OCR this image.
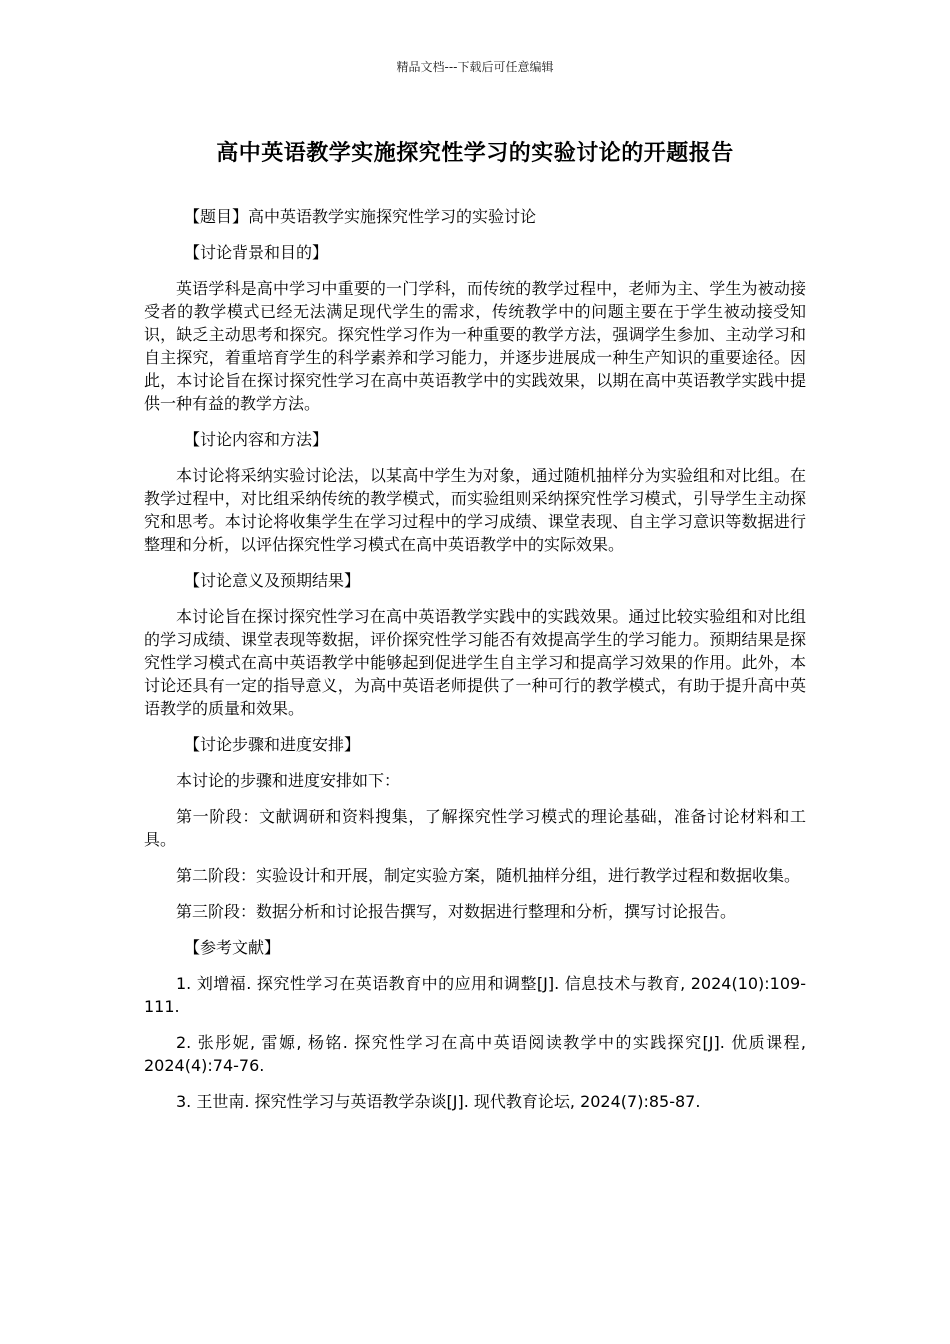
精品文档---下载后可任意编辑
高中英语教学实施探究性学习的实验讨论的开题报告
【题目】高中英语教学实施探究性学习的实验讨论
【讨论背景和目的】

英语学科是高中学习中重要的一门学科，而传统的教学过程中，老师为主、学生为被动接受者的教学模式已经无法满足现代学生的需求，传统教学中的问题主要在于学生被动接受知识，缺乏主动思考和探究。探究性学习作为一种重要的教学方法，强调学生参加、主动学习和自主探究，着重培育学生的科学素养和学习能力，并逐步进展成一种生产知识的重要途径。因此，本讨论旨在探讨探究性学习在高中英语教学中的实践效果，以期在高中英语教学实践中提供一种有益的教学方法。

【讨论内容和方法】

本讨论将采纳实验讨论法，以某高中学生为对象，通过随机抽样分为实验组和对比组。在教学过程中，对比组采纳传统的教学模式，而实验组则采纳探究性学习模式，引导学生主动探究和思考。本讨论将收集学生在学习过程中的学习成绩、课堂表现、自主学习意识等数据进行整理和分析，以评估探究性学习模式在高中英语教学中的实际效果。

【讨论意义及预期结果】

本讨论旨在探讨探究性学习在高中英语教学实践中的实践效果。通过比较实验组和对比组的学习成绩、课堂表现等数据，评价探究性学习能否有效提高学生的学习能力。预期结果是探究性学习模式在高中英语教学中能够起到促进学生自主学习和提高学习效果的作用。此外，本讨论还具有一定的指导意义，为高中英语老师提供了一种可行的教学模式，有助于提升高中英语教学的质量和效果。

【讨论步骤和进度安排】

本讨论的步骤和进度安排如下：

第一阶段：文献调研和资料搜集，了解探究性学习模式的理论基础，准备讨论材料和工具。

第二阶段：实验设计和开展，制定实验方案，随机抽样分组，进行教学过程和数据收集。

第三阶段：数据分析和讨论报告撰写，对数据进行整理和分析，撰写讨论报告。

【参考文献】

1. 刘增福. 探究性学习在英语教育中的应用和调整[J]. 信息技术与教育, 2024(10):109-111.

2. 张彤妮, 雷嫄, 杨铭. 探究性学习在高中英语阅读教学中的实践探究[J]. 优质课程, 2024(4):74-76.

3. 王世南. 探究性学习与英语教学杂谈[J]. 现代教育论坛, 2024(7):85-87.
